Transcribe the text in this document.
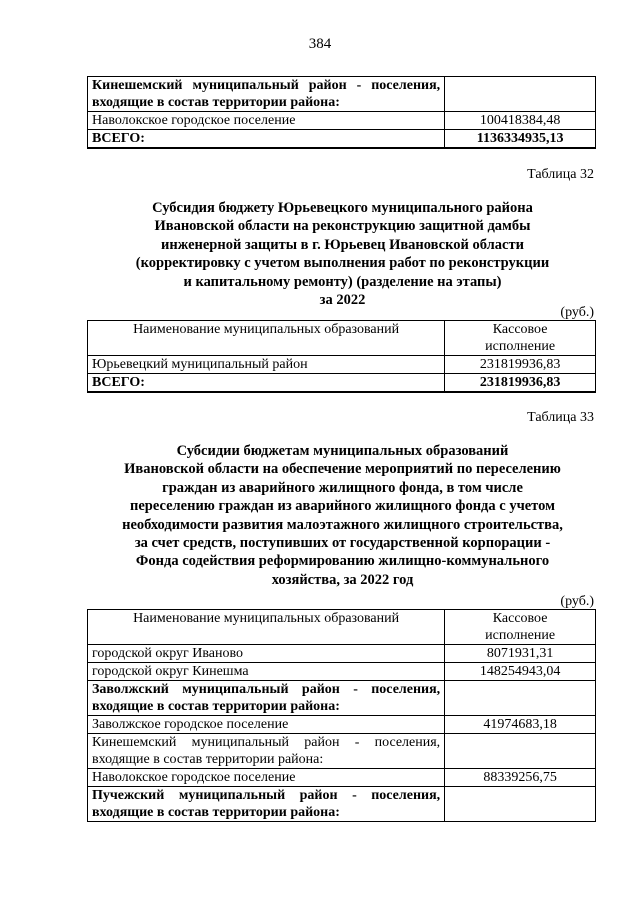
384
Кинешемский муниципальный район - поселения,
входящие в состав территории района:	

Наволокское городское поселение	100418384,48
ВСЕГО:	1136334935,13
Таблица 32
Субсидия бюджету Юрьевецкого муниципального района
Ивановской области на реконструкцию защитной дамбы
инженерной защиты в г. Юрьевец Ивановской области
(корректировку с учетом выполнения работ по реконструкции
и капитальному ремонту) (разделение на этапы)
за 2022
(руб.)
Наименование муниципальных образований	Кассовое
исполнение

Юрьевецкий муниципальный район	231819936,83
ВСЕГО:	231819936,83
Таблица 33
Субсидии бюджетам муниципальных образований
Ивановской области на обеспечение мероприятий по переселению
граждан из аварийного жилищного фонда, в том числе
переселению граждан из аварийного жилищного фонда с учетом
необходимости развития малоэтажного жилищного строительства,
за счет средств, поступивших от государственной корпорации -
Фонда содействия реформированию жилищно-коммунального
хозяйства, за 2022 год
(руб.)
Наименование муниципальных образований	Кассовое
исполнение

городской округ Иваново	8071931,31
городской округ Кинешма	148254943,04

Заволжский муниципальный район - поселения,
входящие в состав территории района:	

Заволжское городское поселение	41974683,18

Кинешемский муниципальный район - поселения,
входящие в состав территории района:	

Наволокское городское поселение	88339256,75

Пучежский муниципальный район - поселения,
входящие в состав территории района:	
